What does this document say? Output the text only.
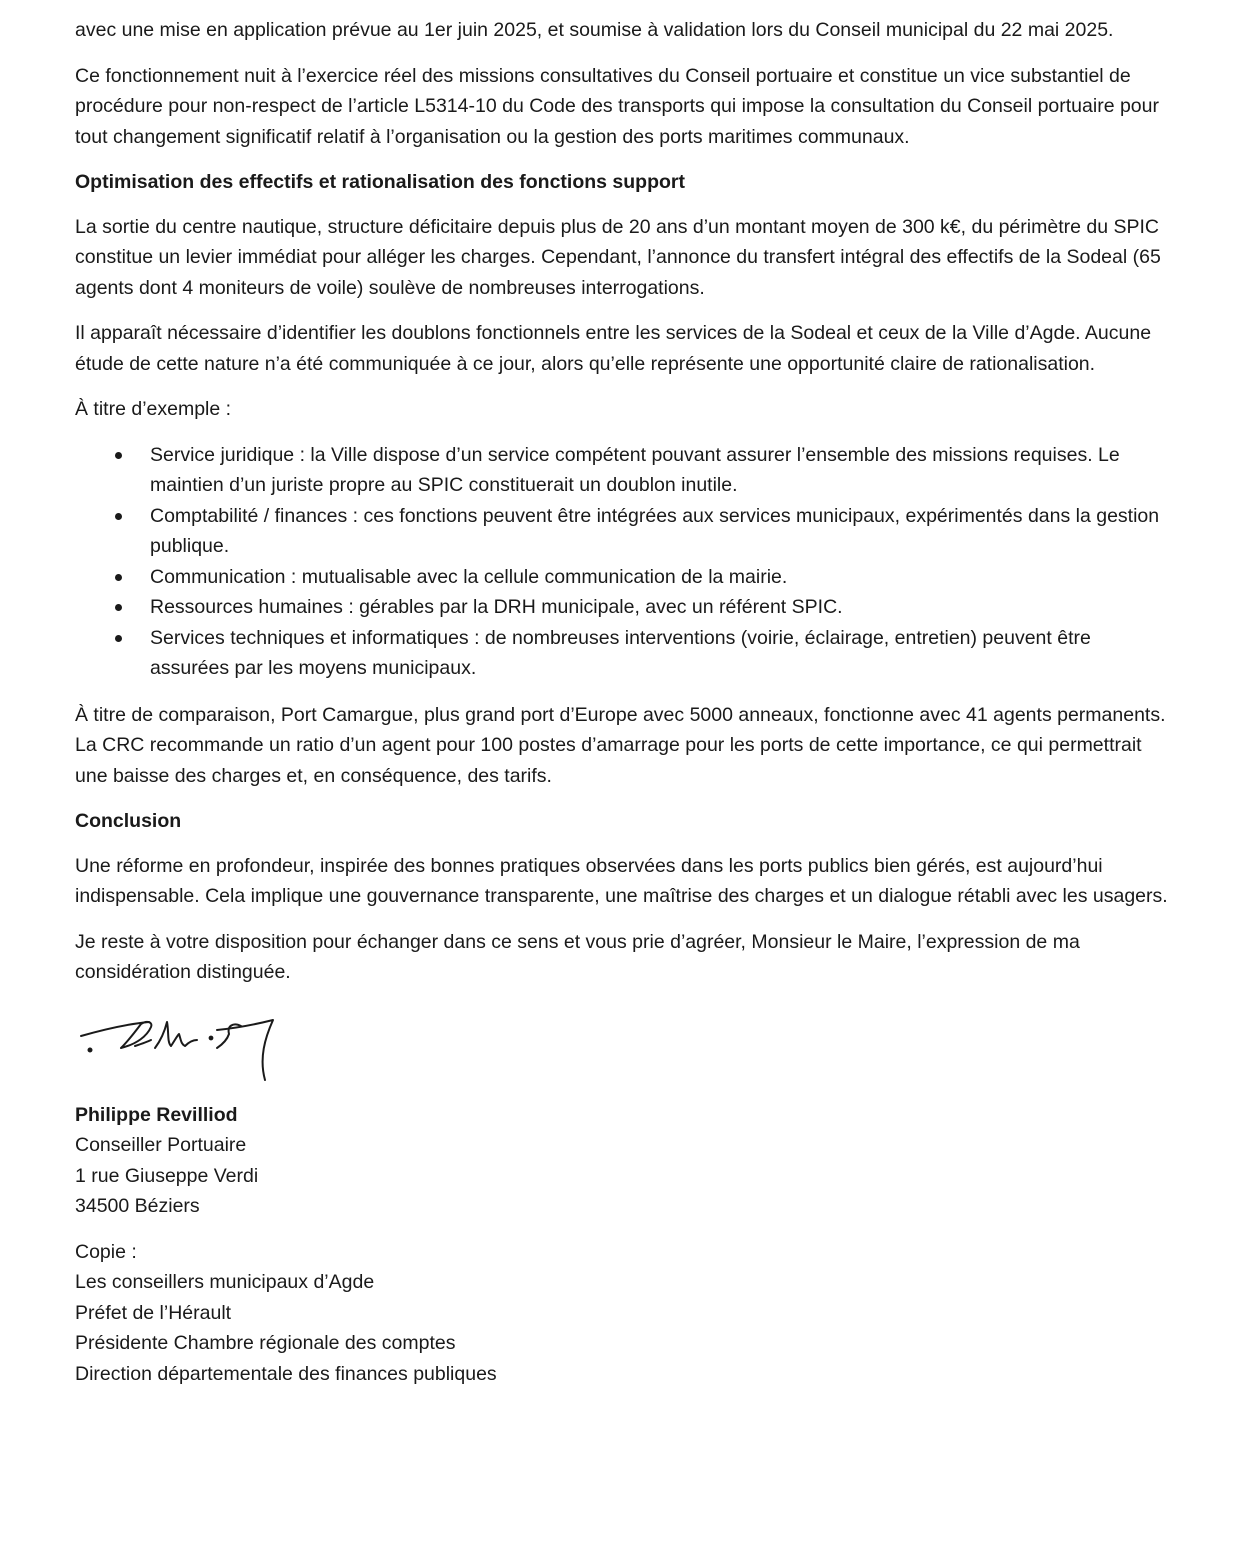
avec une mise en application prévue au 1er juin 2025, et soumise à validation lors du Conseil municipal du 22 mai 2025.

Ce fonctionnement nuit à l’exercice réel des missions consultatives du Conseil portuaire et constitue un vice substantiel de procédure pour non-respect de l’article L5314-10 du Code des transports qui impose la consultation du Conseil portuaire pour tout changement significatif relatif à l’organisation ou la gestion des ports maritimes communaux.

Optimisation des effectifs et rationalisation des fonctions support

La sortie du centre nautique, structure déficitaire depuis plus de 20 ans d’un montant moyen de 300 k€, du périmètre du SPIC constitue un levier immédiat pour alléger les charges. Cependant, l’annonce du transfert intégral des effectifs de la Sodeal (65 agents dont 4 moniteurs de voile) soulève de nombreuses interrogations.

Il apparaît nécessaire d’identifier les doublons fonctionnels entre les services de la Sodeal et ceux de la Ville d’Agde. Aucune étude de cette nature n’a été communiquée à ce jour, alors qu’elle représente une opportunité claire de rationalisation.

À titre d’exemple :

Service juridique : la Ville dispose d’un service compétent pouvant assurer l’ensemble des missions requises. Le maintien d’un juriste propre au SPIC constituerait un doublon inutile.
Comptabilité / finances : ces fonctions peuvent être intégrées aux services municipaux, expérimentés dans la gestion publique.
Communication : mutualisable avec la cellule communication de la mairie.
Ressources humaines : gérables par la DRH municipale, avec un référent SPIC.
Services techniques et informatiques : de nombreuses interventions (voirie, éclairage, entretien) peuvent être assurées par les moyens municipaux.

À titre de comparaison, Port Camargue, plus grand port d’Europe avec 5000 anneaux, fonctionne avec 41 agents permanents. La CRC recommande un ratio d’un agent pour 100 postes d’amarrage pour les ports de cette importance, ce qui permettrait une baisse des charges et, en conséquence, des tarifs.

Conclusion

Une réforme en profondeur, inspirée des bonnes pratiques observées dans les ports publics bien gérés, est aujourd’hui indispensable. Cela implique une gouvernance transparente, une maîtrise des charges et un dialogue rétabli avec les usagers.

Je reste à votre disposition pour échanger dans ce sens et vous prie d’agréer, Monsieur le Maire, l’expression de ma considération distinguée.

Philippe Revilliod
Conseiller Portuaire
1 rue Giuseppe Verdi
34500 Béziers
Copie :
Les conseillers municipaux d’Agde
Préfet de l’Hérault
Présidente Chambre régionale des comptes
Direction départementale des finances publiques
